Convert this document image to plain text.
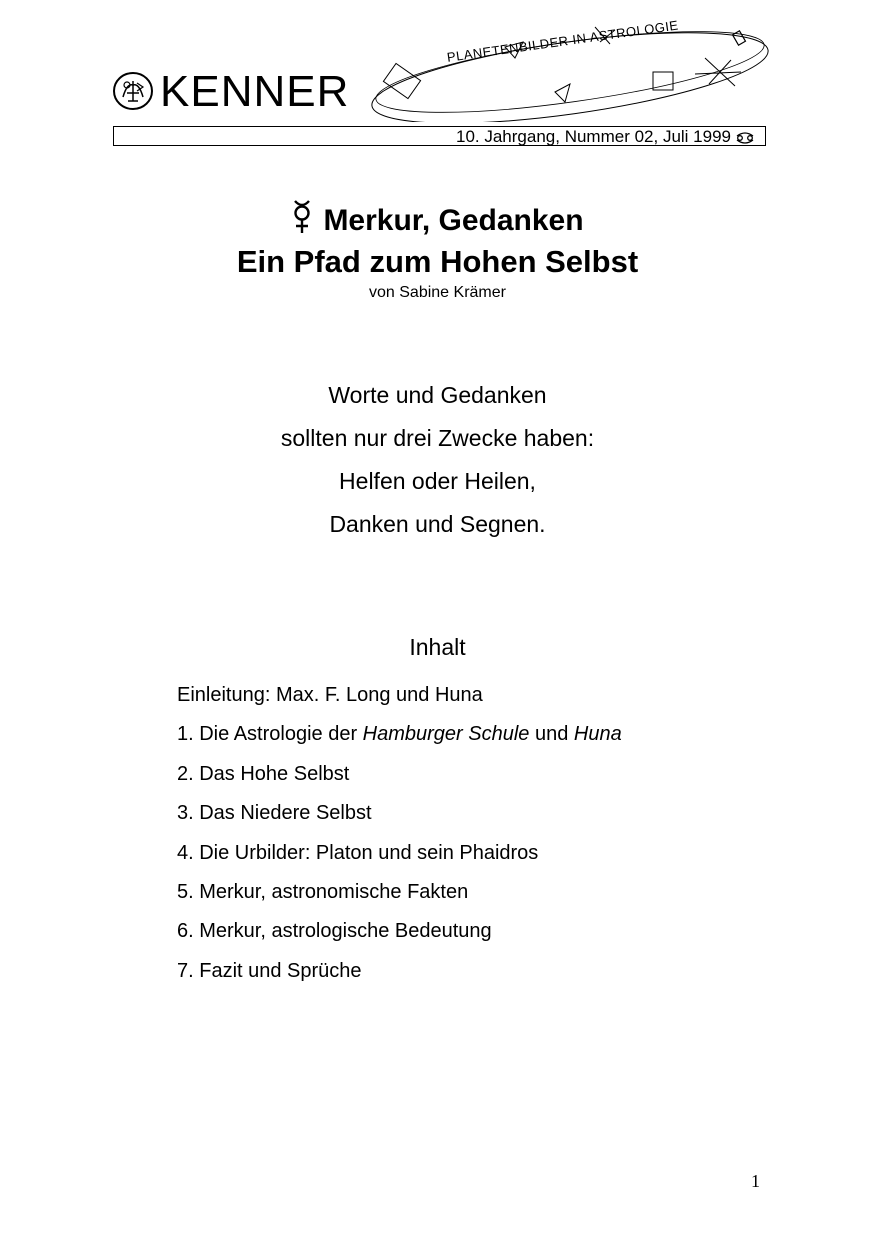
KENNER
PLANETENBILDER IN ASTROLOGIE
10. Jahrgang, Nummer 02, Juli 1999
Merkur, Gedanken
Ein Pfad zum Hohen Selbst
von Sabine Krämer
Worte und Gedanken
sollten nur drei Zwecke haben:
Helfen oder Heilen,
Danken und Segnen.
Inhalt
Einleitung: Max. F. Long und Huna
1. Die Astrologie der Hamburger Schule und Huna
2. Das Hohe Selbst
3. Das Niedere Selbst
4. Die Urbilder: Platon und sein Phaidros
5. Merkur, astronomische Fakten
6. Merkur, astrologische Bedeutung
7. Fazit und Sprüche
1
